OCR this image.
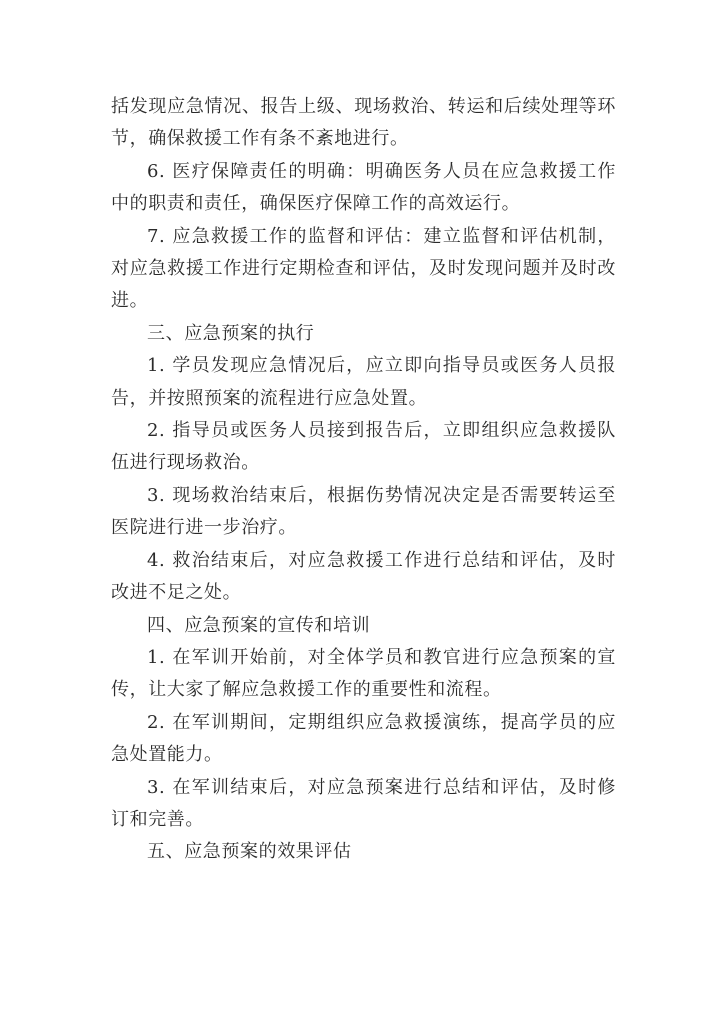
括发现应急情况、报告上级、现场救治、转运和后续处理等环节，确保救援工作有条不紊地进行。

6. 医疗保障责任的明确：明确医务人员在应急救援工作中的职责和责任，确保医疗保障工作的高效运行。

7. 应急救援工作的监督和评估：建立监督和评估机制，对应急救援工作进行定期检查和评估，及时发现问题并及时改进。

三、应急预案的执行

1. 学员发现应急情况后，应立即向指导员或医务人员报告，并按照预案的流程进行应急处置。

2. 指导员或医务人员接到报告后，立即组织应急救援队伍进行现场救治。

3. 现场救治结束后，根据伤势情况决定是否需要转运至医院进行进一步治疗。

4. 救治结束后，对应急救援工作进行总结和评估，及时改进不足之处。

四、应急预案的宣传和培训

1. 在军训开始前，对全体学员和教官进行应急预案的宣传，让大家了解应急救援工作的重要性和流程。

2. 在军训期间，定期组织应急救援演练，提高学员的应急处置能力。

3. 在军训结束后，对应急预案进行总结和评估，及时修订和完善。

五、应急预案的效果评估
